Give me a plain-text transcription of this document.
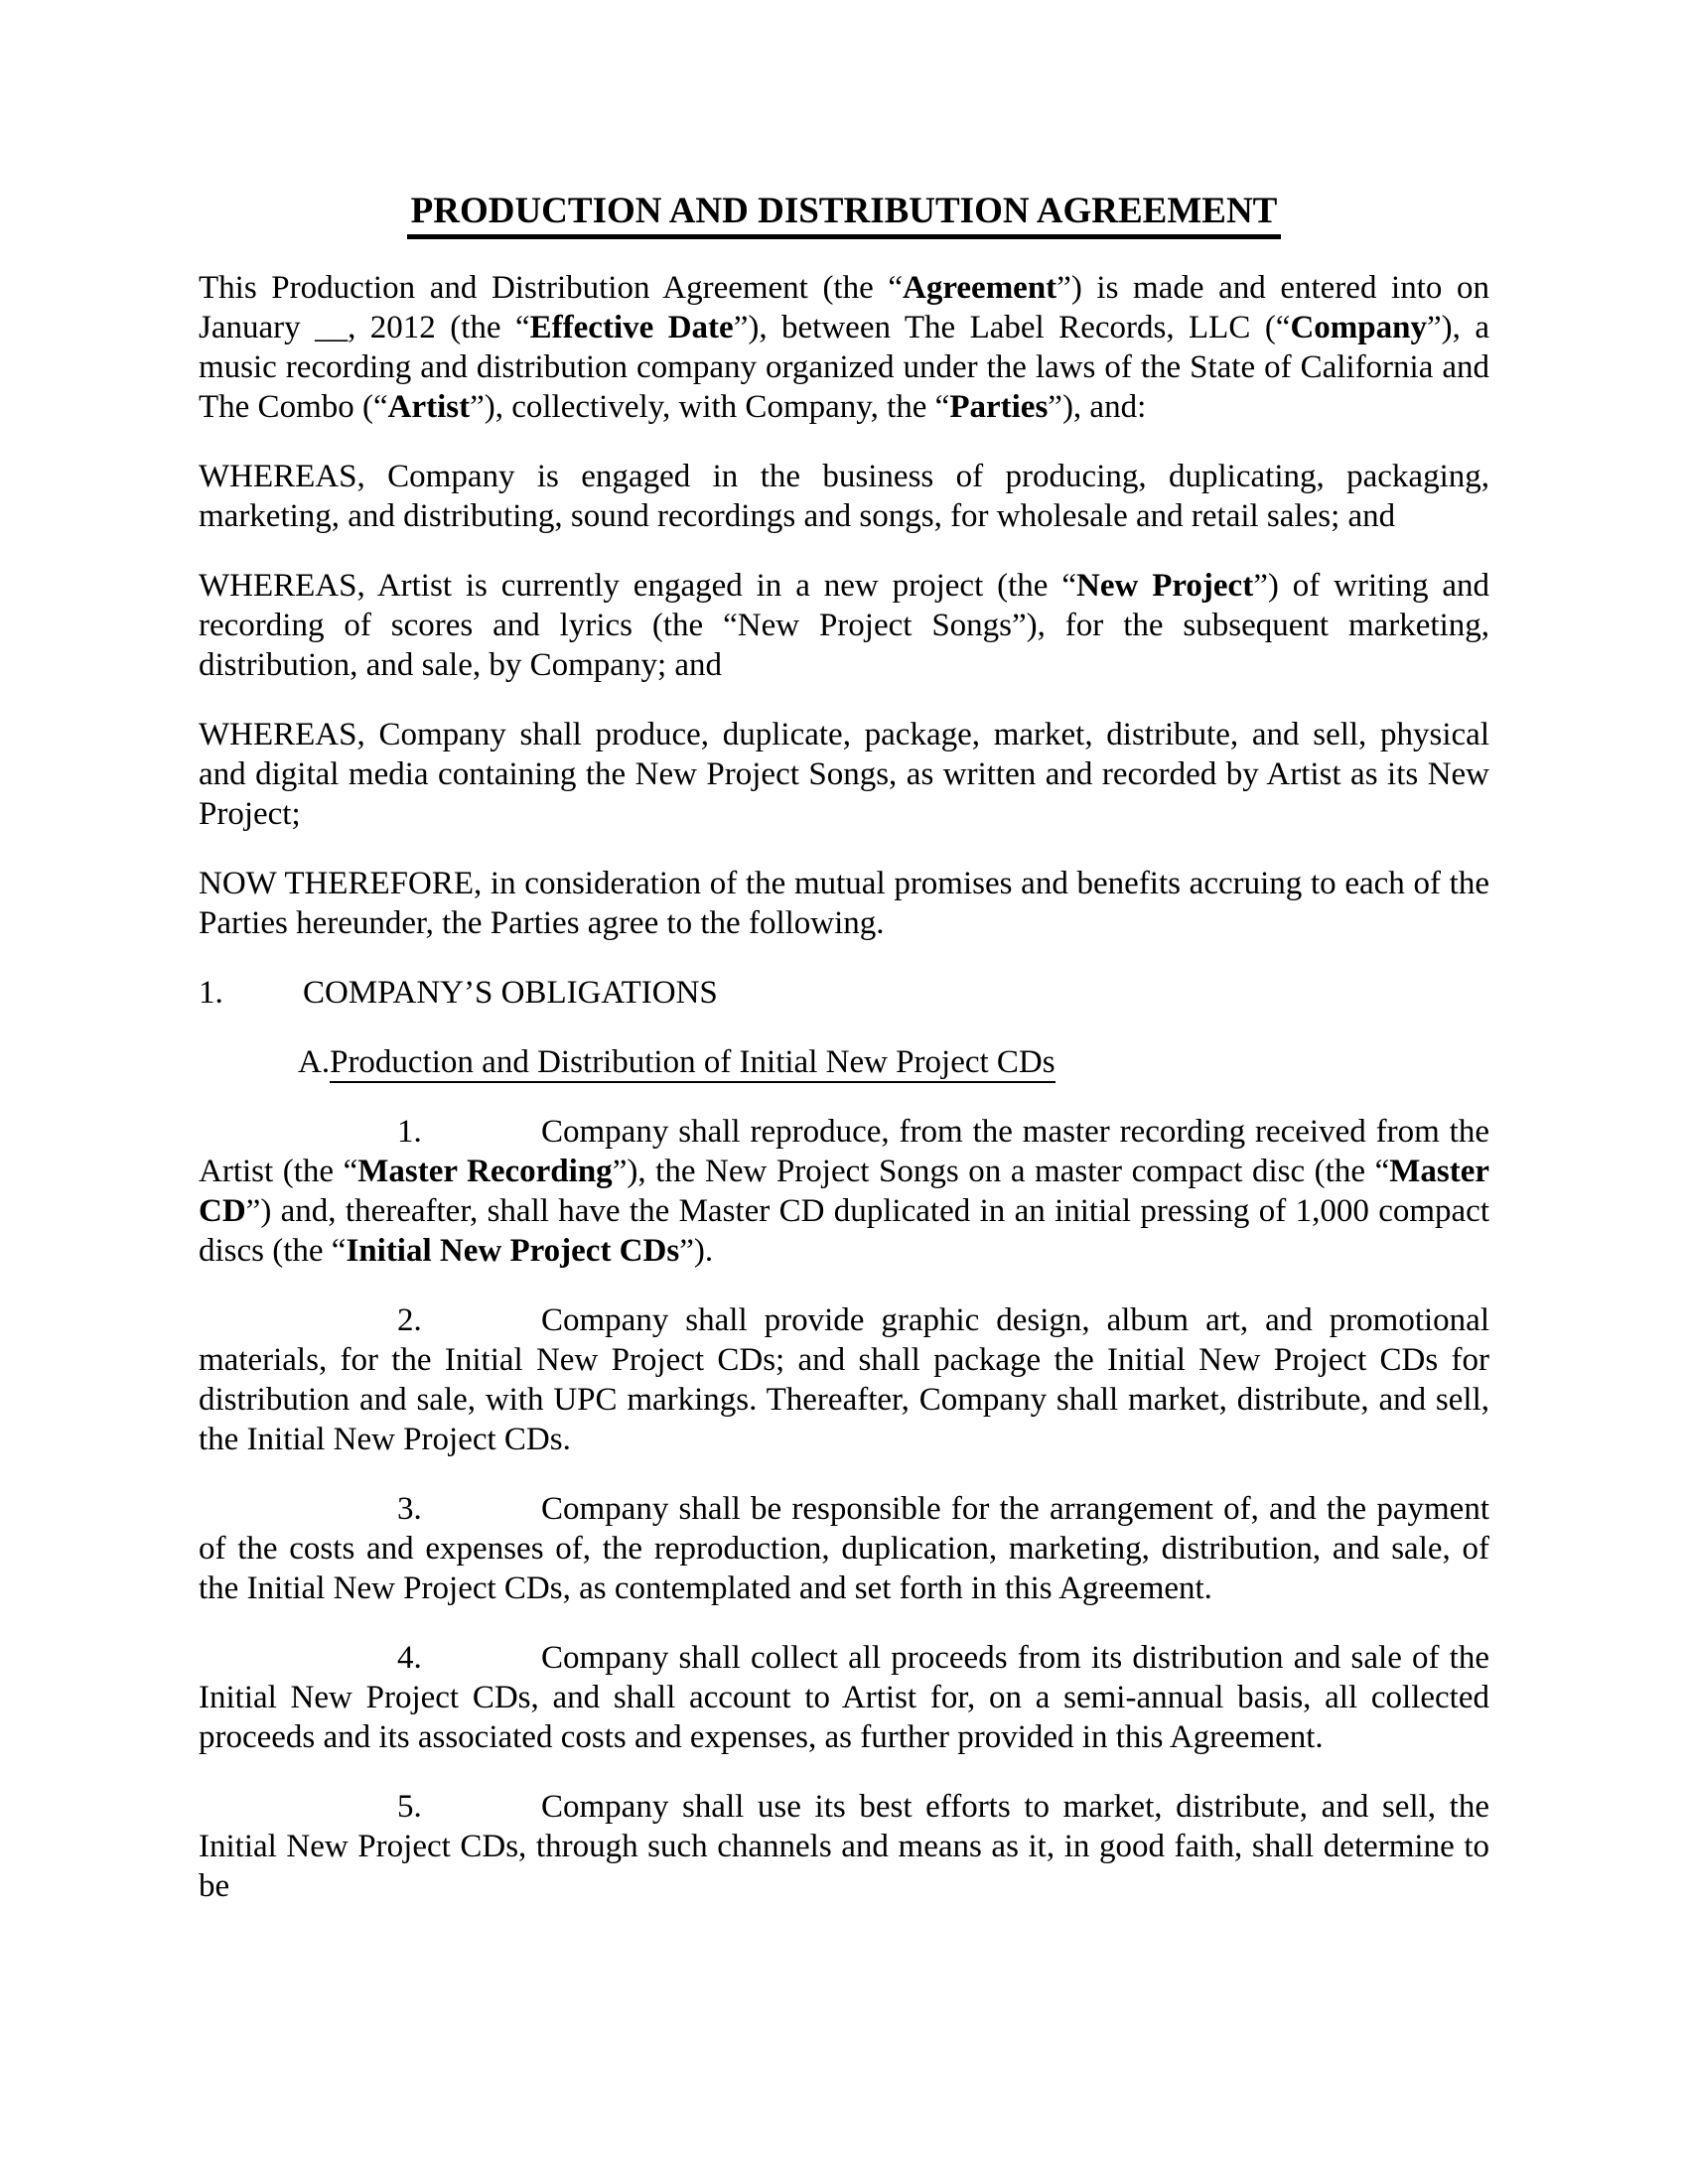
PRODUCTION AND DISTRIBUTION AGREEMENT

This Production and Distribution Agreement (the “Agreement”) is made and entered into on January __, 2012 (the “Effective Date”), between The Label Records, LLC (“Company”), a music recording and distribution company organized under the laws of the State of California and The Combo (“Artist”), collectively, with Company, the “Parties”), and:

WHEREAS, Company is engaged in the business of producing, duplicating, packaging, marketing, and distributing, sound recordings and songs, for wholesale and retail sales; and

WHEREAS, Artist is currently engaged in a new project (the “New Project”) of writing and recording of scores and lyrics (the “New Project Songs”), for the subsequent marketing, distribution, and sale, by Company; and

WHEREAS, Company shall produce, duplicate, package, market, distribute, and sell, physical and digital media containing the New Project Songs, as written and recorded by Artist as its New Project;

NOW THEREFORE, in consideration of the mutual promises and benefits accruing to each of the Parties hereunder, the Parties agree to the following.

1. COMPANY’S OBLIGATIONS

A.Production and Distribution of Initial New Project CDs

1.	Company shall reproduce, from the master recording received from the Artist (the “Master Recording”), the New Project Songs on a master compact disc (the “Master CD”) and, thereafter, shall have the Master CD duplicated in an initial pressing of 1,000 compact discs (the “Initial New Project CDs”).

2.	Company shall provide graphic design, album art, and promotional materials, for the Initial New Project CDs; and shall package the Initial New Project CDs for distribution and sale, with UPC markings. Thereafter, Company shall market, distribute, and sell, the Initial New Project CDs.

3.	Company shall be responsible for the arrangement of, and the payment of the costs and expenses of, the reproduction, duplication, marketing, distribution, and sale, of the Initial New Project CDs, as contemplated and set forth in this Agreement.

4.	Company shall collect all proceeds from its distribution and sale of the Initial New Project CDs, and shall account to Artist for, on a semi-annual basis, all collected proceeds and its associated costs and expenses, as further provided in this Agreement.

5.	Company shall use its best efforts to market, distribute, and sell, the Initial New Project CDs, through such channels and means as it, in good faith, shall determine to be
